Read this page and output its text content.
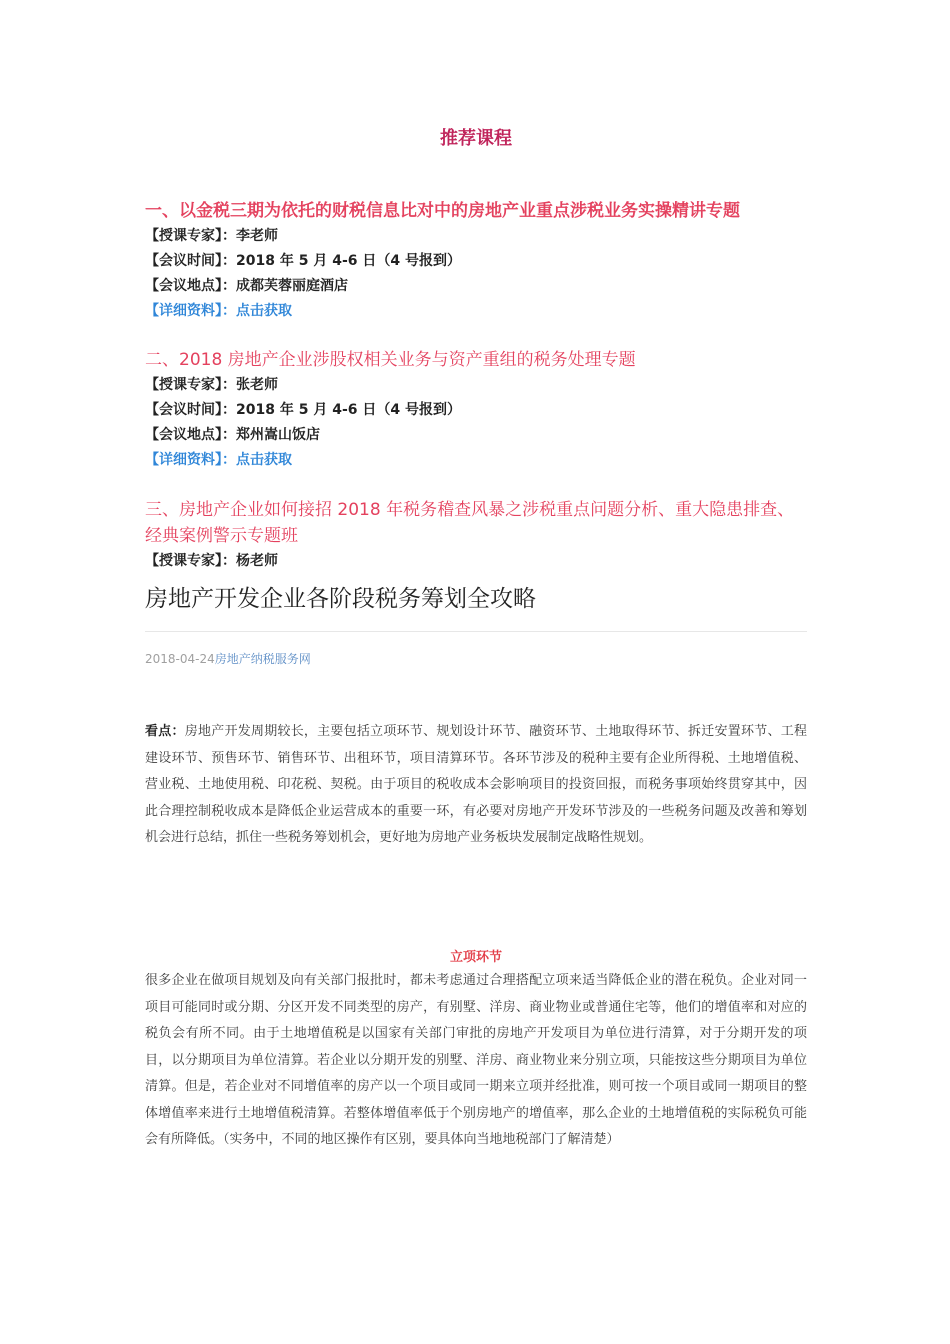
推荐课程

一、以金税三期为依托的财税信息比对中的房地产业重点涉税业务实操精讲专题

【授课专家】：李老师
【会议时间】：2018 年 5 月 4-6 日（4 号报到）
【会议地点】：成都芙蓉丽庭酒店
【详细资料】：点击获取

二、2018 房地产企业涉股权相关业务与资产重组的税务处理专题

【授课专家】：张老师
【会议时间】：2018 年 5 月 4-6 日（4 号报到）
【会议地点】：郑州嵩山饭店
【详细资料】：点击获取

三、房地产企业如何接招 2018 年税务稽查风暴之涉税重点问题分析、重大隐患排查、经典案例警示专题班

【授课专家】：杨老师
房地产开发企业各阶段税务筹划全攻略
2018-04-24房地产纳税服务网
看点：房地产开发周期较长，主要包括立项环节、规划设计环节、融资环节、土地取得环节、拆迁安置环节、工程建设环节、预售环节、销售环节、出租环节，项目清算环节。各环节涉及的税种主要有企业所得税、土地增值税、营业税、土地使用税、印花税、契税。由于项目的税收成本会影响项目的投资回报，而税务事项始终贯穿其中，因此合理控制税收成本是降低企业运营成本的重要一环，有必要对房地产开发环节涉及的一些税务问题及改善和筹划机会进行总结，抓住一些税务筹划机会，更好地为房地产业务板块发展制定战略性规划。
立项环节
很多企业在做项目规划及向有关部门报批时，都未考虑通过合理搭配立项来适当降低企业的潜在税负。企业对同一项目可能同时或分期、分区开发不同类型的房产，有别墅、洋房、商业物业或普通住宅等，他们的增值率和对应的税负会有所不同。由于土地增值税是以国家有关部门审批的房地产开发项目为单位进行清算，对于分期开发的项目，以分期项目为单位清算。若企业以分期开发的别墅、洋房、商业物业来分别立项，只能按这些分期项目为单位清算。但是，若企业对不同增值率的房产以一个项目或同一期来立项并经批准，则可按一个项目或同一期项目的整体增值率来进行土地增值税清算。若整体增值率低于个别房地产的增值率，那么企业的土地增值税的实际税负可能会有所降低。（实务中，不同的地区操作有区别，要具体向当地地税部门了解清楚）
